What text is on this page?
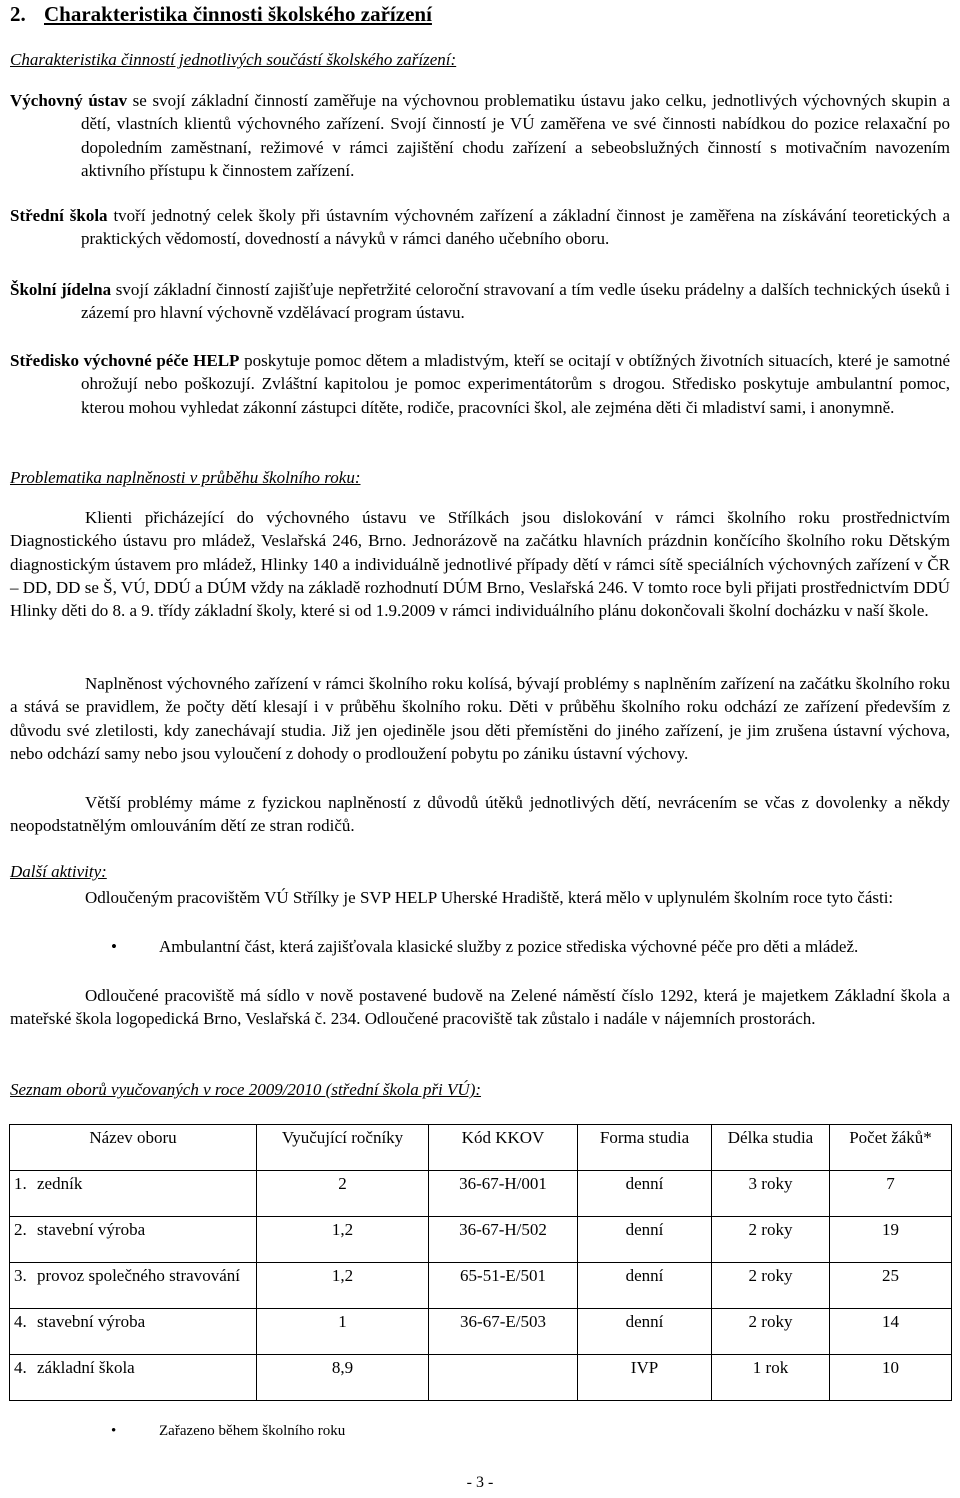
2. Charakteristika činnosti školského zařízení

Charakteristika činností jednotlivých součástí školského zařízení:

Výchovný ústav se svojí základní činností zaměřuje na výchovnou problematiku ústavu jako celku, jednotlivých výchovných skupin a dětí, vlastních klientů výchovného zařízení. Svojí činností je VÚ zaměřena ve své činnosti nabídkou do pozice relaxační po dopoledním zaměstnaní, režimové v rámci zajištění chodu zařízení a sebeobslužných činností s motivačním navozením aktivního přístupu k činnostem zařízení.

Střední škola tvoří jednotný celek školy při ústavním výchovném zařízení a základní činnost je zaměřena na získávání teoretických a praktických vědomostí, dovedností a návyků v rámci daného učebního oboru.

Školní jídelna svojí základní činností zajišťuje nepřetržité celoroční stravovaní a tím vedle úseku prádelny a dalších technických úseků i zázemí pro hlavní výchovně vzdělávací program ústavu.

Středisko výchovné péče HELP poskytuje pomoc dětem a mladistvým, kteří se ocitají v obtížných životních situacích, které je samotné ohrožují nebo poškozují. Zvláštní kapitolou je pomoc experimentátorům s drogou. Středisko poskytuje ambulantní pomoc, kterou mohou vyhledat zákonní zástupci dítěte, rodiče, pracovníci škol, ale zejména děti či mladiství sami, i anonymně.

Problematika naplněnosti v průběhu školního roku:

Klienti přicházející do výchovného ústavu ve Střílkách jsou dislokování v rámci školního roku prostřednictvím Diagnostického ústavu pro mládež, Veslařská 246, Brno. Jednorázově na začátku hlavních prázdnin končícího školního roku Dětským diagnostickým ústavem pro mládež, Hlinky 140 a individuálně jednotlivé případy dětí v rámci sítě speciálních výchovných zařízení v ČR – DD, DD se Š, VÚ, DDÚ a DÚM vždy na základě rozhodnutí DÚM Brno, Veslařská 246. V tomto roce byli přijati prostřednictvím DDÚ Hlinky děti do 8. a 9. třídy základní školy, které si od 1.9.2009 v rámci individuálního plánu dokončovali školní docházku v naší škole.

Naplněnost výchovného zařízení v rámci školního roku kolísá, bývají problémy s naplněním zařízení na začátku školního roku a stává se pravidlem, že počty dětí klesají i v průběhu školního roku. Děti v průběhu školního roku odchází ze zařízení především z důvodu své zletilosti, kdy zanechávají studia. Již jen ojediněle jsou děti přemístěni do jiného zařízení, je jim zrušena ústavní výchova, nebo odchází samy nebo jsou vyloučení z dohody o prodloužení pobytu po zániku ústavní výchovy.

Větší problémy máme z fyzickou naplněností z důvodů útěků jednotlivých dětí, nevrácením se včas z dovolenky a někdy neopodstatnělým omlouváním dětí ze stran rodičů.

Další aktivity:

Odloučeným pracovištěm VÚ Střílky je SVP HELP Uherské Hradiště, která mělo v uplynulém školním roce tyto části:

• Ambulantní část, která zajišťovala klasické služby z pozice střediska výchovné péče pro děti a mládež.

Odloučené pracoviště má sídlo v nově postavené budově na Zelené náměstí číslo 1292, která je majetkem Základní škola a mateřské škola logopedická Brno, Veslařská č. 234. Odloučené pracoviště tak zůstalo i nadále v nájemních prostorách.

Seznam oborů vyučovaných v roce 2009/2010 (střední škola při VÚ):

Název oboru	Vyučující ročníky	Kód KKOV	Forma studia	Délka studia	Počet žáků*

1. zedník	2	36-67-H/001	denní	3 roky	7

2. stavební výroba	1,2	36-67-H/502	denní	2 roky	19

3. provoz společného stravování	1,2	65-51-E/501	denní	2 roky	25

4. stavební výroba	1	36-67-E/503	denní	2 roky	14

4. základní škola	8,9		IVP	1 rok	10

•	Zařazeno během školního roku

- 3 -
